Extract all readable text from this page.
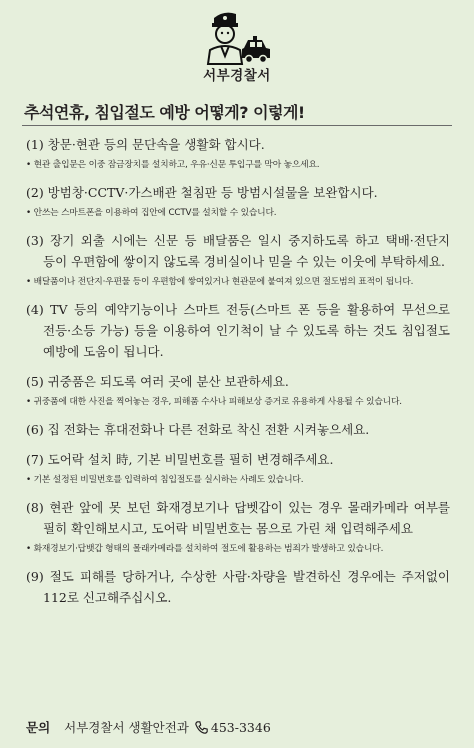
서부경찰서
추석연휴, 침입절도 예방 어떻게? 이렇게!
(1) 창문·현관 등의 문단속을 생활화 합시다.
• 현관 출입문은 이중 잠금장치를 설치하고, 우유·신문 투입구를 막아 놓으세요.
(2) 방범창·CCTV·가스배관 철침판 등 방범시설물을 보완합시다.
• 안쓰는 스마트폰을 이용하여 집안에 CCTV를 설치할 수 있습니다.
(3) 장기 외출 시에는 신문 등 배달품은 일시 중지하도록 하고 택배·전단지 등이 우편함에 쌓이지 않도록 경비실이나 믿을 수 있는 이웃에 부탁하세요.
• 배달품이나 전단지·우편물 등이 우편함에 쌓여있거나 현관문에 붙여져 있으면 절도범의 표적이 됩니다.
(4) TV 등의 예약기능이나 스마트 전등(스마트 폰 등을 활용하여 무선으로 전등·소등 가능) 등을 이용하여 인기척이 날 수 있도록 하는 것도 침입절도 예방에 도움이 됩니다.
(5) 귀중품은 되도록 여러 곳에 분산 보관하세요.
• 귀중품에 대한 사진을 찍어놓는 경우, 피해품 수사나 피해보상 증거로 유용하게 사용될 수 있습니다.
(6) 집 전화는 휴대전화나 다른 전화로 착신 전환 시켜놓으세요.
(7) 도어락 설치 時, 기본 비밀번호를 필히 변경해주세요.
• 기본 설정된 비밀번호를 입력하여 침입절도를 실시하는 사례도 있습니다.
(8) 현관 앞에 못 보던 화재경보기나 답벳갑이 있는 경우 몰래카메라 여부를 필히 확인해보시고, 도어락 비밀번호는 몸으로 가린 채 입력해주세요
• 화재경보기·답뱃갑 형태의 몰래카메라를 설치하여 절도에 활용하는 범죄가 발생하고 있습니다.
(9) 절도 피해를 당하거나, 수상한 사람·차량을 발견하신 경우에는 주저없이 112로 신고해주십시오.
문의 서부경찰서 생활안전과 453-3346
